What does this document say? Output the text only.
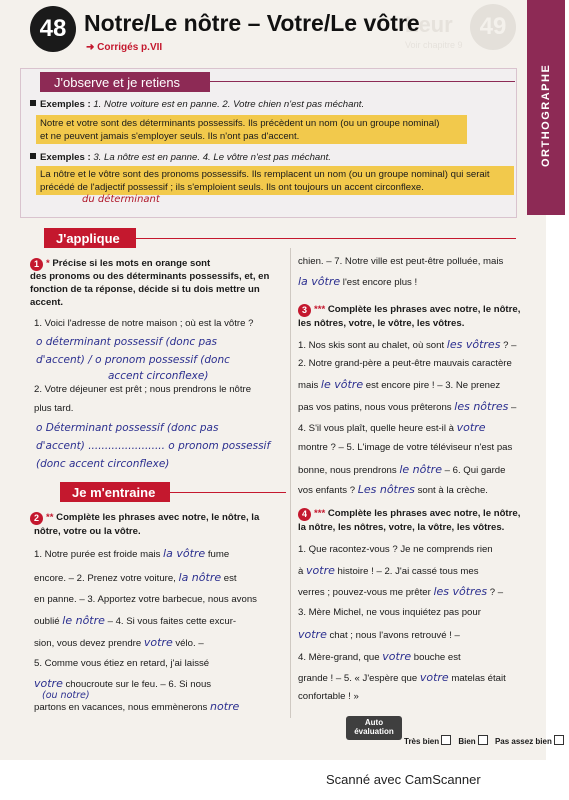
49
Leur
Voir chapitre 9
48 Notre/Le nôtre – Votre/Le vôtre
➜ Corrigés p.VII
ORTHOGRAPHE
J'observe et je retiens
Exemples : 1. Notre voiture est en panne. 2. Votre chien n'est pas méchant.
Notre et votre sont des déterminants possessifs. Ils précèdent un nom (ou un groupe nominal)
et ne peuvent jamais s'employer seuls. Ils n'ont pas d'accent.
Exemples : 3. La nôtre est en panne. 4. Le vôtre n'est pas méchant.
La nôtre et le vôtre sont des pronoms possessifs. Ils remplacent un nom (ou un groupe nominal) qui serait
précédé de l'adjectif possessif ; ils s'emploient seuls. Ils ont toujours un accent circonflexe.
du déterminant
J'applique
1 * Précise si les mots en orange sont
des pronoms ou des déterminants possessifs, et, en
fonction de ta réponse, décide si tu dois mettre un
accent.
1. Voici l'adresse de notre maison ; où est la vôtre ?
o déterminant possessif (donc pas
d'accent) / o pronom possessif (donc
accent circonflexe)
2. Votre déjeuner est prêt ; nous prendrons le nôtre
plus tard.
o Déterminant possessif (donc pas
d'accent) ....................... o pronom possessif
(donc accent circonflexe)
Je m'entraine
2 ** Complète les phrases avec notre, le nôtre, la
nôtre, votre ou la vôtre.
1. Notre purée est froide mais la vôtre fume
encore. – 2. Prenez votre voiture, la nôtre est
en panne. – 3. Apportez votre barbecue, nous avons
oublié le nôtre – 4. Si vous faites cette excur-
sion, vous devez prendre votre vélo. –
5. Comme vous étiez en retard, j'ai laissé
votre choucroute sur le feu. – 6. Si nous
(ou notre)
partons en vacances, nous emmènerons notre
chien. – 7. Notre ville est peut-être polluée, mais
la vôtre l'est encore plus !
3 *** Complète les phrases avec notre, le nôtre,
les nôtres, votre, le vôtre, les vôtres.
1. Nos skis sont au chalet, où sont les vôtres ? –
2. Notre grand-père a peut-être mauvais caractère
mais le vôtre est encore pire ! – 3. Ne prenez
pas vos patins, nous vous prêterons les nôtres –
4. S'il vous plaît, quelle heure est-il à votre
montre ? – 5. L'image de votre téléviseur n'est pas
bonne, nous prendrons le nôtre – 6. Qui garde
vos enfants ? Les nôtres sont à la crèche.
4 *** Complète les phrases avec notre, le nôtre,
la nôtre, les nôtres, votre, la vôtre, les vôtres.
1. Que racontez-vous ? Je ne comprends rien
à votre histoire ! – 2. J'ai cassé tous mes
verres ; pouvez-vous me prêter les vôtres ? –
3. Mère Michel, ne vous inquiétez pas pour
votre chat ; nous l'avons retrouvé ! –
4. Mère-grand, que votre bouche est
grande ! – 5. « J'espère que votre matelas était
confortable ! »
Auto évaluation
Très bien Bien Pas assez bien
Scanné avec CamScanner
